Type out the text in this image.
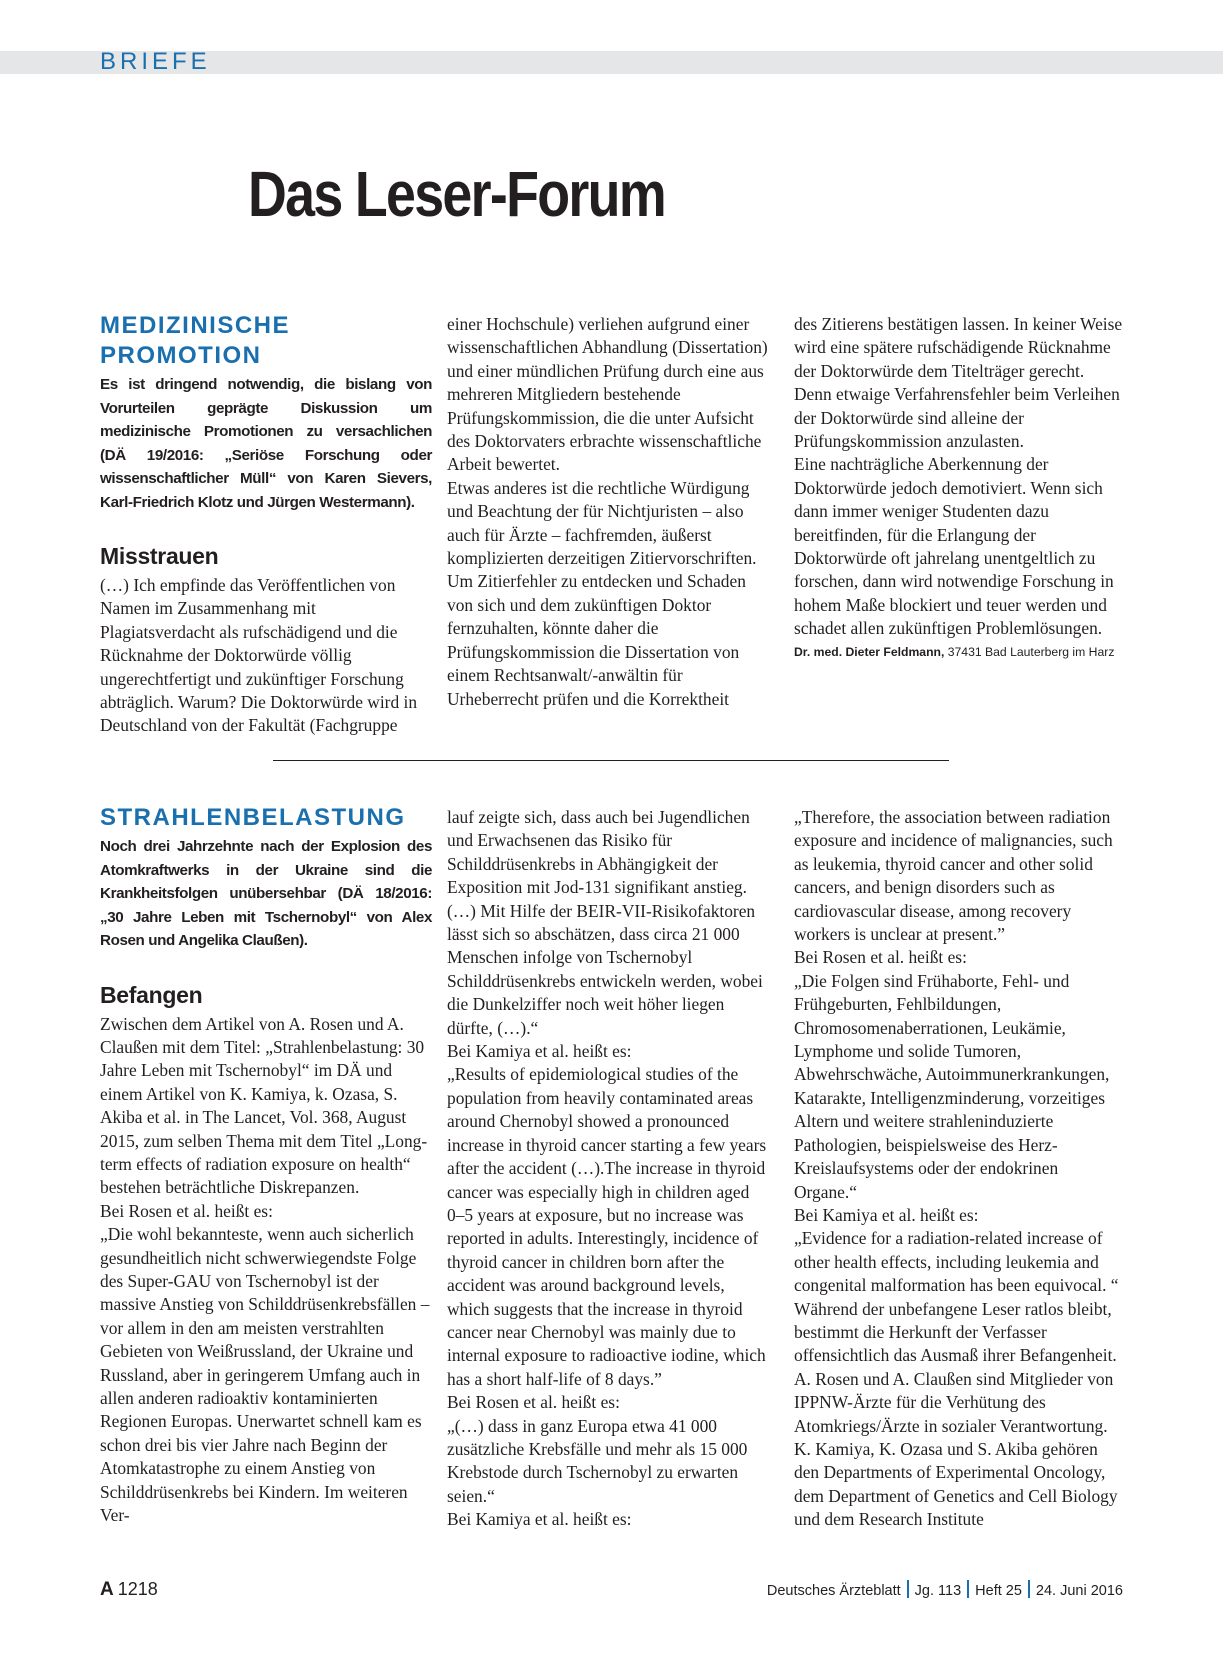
BRIEFE
Das Leser-Forum
MEDIZINISCHE PROMOTION

Es ist dringend notwendig, die bislang von Vorurteilen geprägte Diskussion um medizinische Promotionen zu versachlichen (DÄ 19/2016: „Seriöse Forschung oder wissenschaftlicher Müll“ von Karen Sievers, Karl-Friedrich Klotz und Jürgen Westermann).

Misstrauen

(…) Ich empfinde das Veröffentlichen von Namen im Zusammenhang mit Plagiatsverdacht als rufschädigend und die Rücknahme der Doktorwürde völlig ungerechtfertigt und zukünftiger Forschung abträglich. Warum? Die Doktorwürde wird in Deutschland von der Fakultät (Fachgruppe

einer Hochschule) verliehen aufgrund einer wissenschaftlichen Abhandlung (Dissertation) und einer mündlichen Prüfung durch eine aus mehreren Mitgliedern bestehende Prüfungskommission, die die unter Aufsicht des Doktorvaters erbrachte wissenschaftliche Arbeit bewertet.

Etwas anderes ist die rechtliche Würdigung und Beachtung der für Nichtjuristen – also auch für Ärzte – fachfremden, äußerst komplizierten derzeitigen Zitiervorschriften. Um Zitierfehler zu entdecken und Schaden von sich und dem zukünftigen Doktor fernzuhalten, könnte daher die Prüfungskommission die Dissertation von einem Rechtsanwalt/-anwältin für Urheberrecht prüfen und die Korrektheit

des Zitierens bestätigen lassen. In keiner Weise wird eine spätere rufschädigende Rücknahme der Doktorwürde dem Titelträger gerecht. Denn etwaige Verfahrensfehler beim Verleihen der Doktorwürde sind alleine der Prüfungskommission anzulasten.

Eine nachträgliche Aberkennung der Doktorwürde jedoch demotiviert. Wenn sich dann immer weniger Studenten dazu bereitfinden, für die Erlangung der Doktorwürde oft jahrelang unentgeltlich zu forschen, dann wird notwendige Forschung in hohem Maße blockiert und teuer werden und schadet allen zukünftigen Problemlösungen.

Dr. med. Dieter Feldmann, 37431 Bad Lauterberg im Harz

STRAHLENBELASTUNG

Noch drei Jahrzehnte nach der Explosion des Atomkraftwerks in der Ukraine sind die Krankheitsfolgen unübersehbar (DÄ 18/2016: „30 Jahre Leben mit Tschernobyl“ von Alex Rosen und Angelika Claußen).

Befangen

Zwischen dem Artikel von A. Rosen und A. Claußen mit dem Titel: „Strahlenbelastung: 30 Jahre Leben mit Tschernobyl“ im DÄ und einem Artikel von K. Kamiya, k. Ozasa, S. Akiba et al. in The Lancet, Vol. 368, August 2015, zum selben Thema mit dem Titel „Long-term effects of radiation exposure on health“ bestehen beträchtliche Diskrepanzen.

Bei Rosen et al. heißt es:

„Die wohl bekannteste, wenn auch sicherlich gesundheitlich nicht schwerwiegendste Folge des Super-GAU von Tschernobyl ist der massive Anstieg von Schilddrüsenkrebsfällen – vor allem in den am meisten verstrahlten Gebieten von Weißrussland, der Ukraine und Russland, aber in geringerem Umfang auch in allen anderen radioaktiv kontaminierten Regionen Europas. Unerwartet schnell kam es schon drei bis vier Jahre nach Beginn der Atomkatastrophe zu einem Anstieg von Schilddrüsenkrebs bei Kindern. Im weiteren Ver-

lauf zeigte sich, dass auch bei Jugendlichen und Erwachsenen das Risiko für Schilddrüsenkrebs in Abhängigkeit der Exposition mit Jod-131 signifikant anstieg. (…) Mit Hilfe der BEIR-VII-Risikofaktoren lässt sich so abschätzen, dass circa 21 000 Menschen infolge von Tschernobyl Schilddrüsenkrebs entwickeln werden, wobei die Dunkelziffer noch weit höher liegen dürfte, (…).“

Bei Kamiya et al. heißt es:

„Results of epidemiological studies of the population from heavily contaminated areas around Chernobyl showed a pronounced increase in thyroid cancer starting a few years after the accident (…).The increase in thyroid cancer was especially high in children aged 0–5 years at exposure, but no increase was reported in adults. Interestingly, incidence of thyroid cancer in children born after the accident was around background levels, which suggests that the increase in thyroid cancer near Chernobyl was mainly due to internal exposure to radioactive iodine, which has a short half-life of 8 days.”

Bei Rosen et al. heißt es:

„(…) dass in ganz Europa etwa 41 000 zusätzliche Krebsfälle und mehr als 15 000 Krebstode durch Tschernobyl zu erwarten seien.“

Bei Kamiya et al. heißt es:

„Therefore, the association between radiation exposure and incidence of malignancies, such as leukemia, thyroid cancer and other solid cancers, and benign disorders such as cardiovascular disease, among recovery workers is unclear at present.”

Bei Rosen et al. heißt es:

„Die Folgen sind Frühaborte, Fehl- und Frühgeburten, Fehlbildungen, Chromosomenaberrationen, Leukämie, Lymphome und solide Tumoren, Abwehrschwäche, Autoimmunerkrankungen, Katarakte, Intelligenzminderung, vorzeitiges Altern und weitere strahleninduzierte Pathologien, beispielsweise des Herz-Kreislaufsystems oder der endokrinen Organe.“

Bei Kamiya et al. heißt es:

„Evidence for a radiation-related increase of other health effects, including leukemia and congenital malformation has been equivocal. “

Während der unbefangene Leser ratlos bleibt, bestimmt die Herkunft der Verfasser offensichtlich das Ausmaß ihrer Befangenheit. A. Rosen und A. Claußen sind Mitglieder von IPPNW-Ärzte für die Verhütung des Atomkriegs/Ärzte in sozialer Verantwortung.

K. Kamiya, K. Ozasa und S. Akiba gehören den Departments of Experimental Oncology, dem Department of Genetics and Cell Biology und dem Research Institute

A 1218	Deutsches Ärzteblatt Jg. 113 Heft 25 24. Juni 2016
